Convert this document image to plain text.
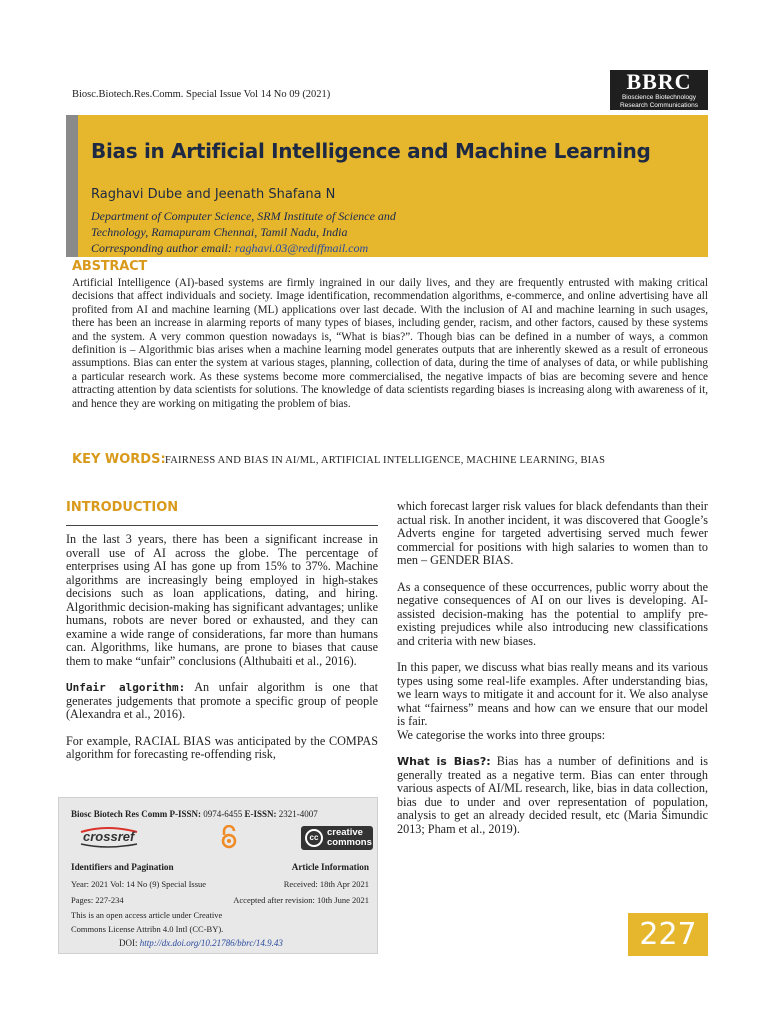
Biosc.Biotech.Res.Comm. Special Issue Vol 14 No 09 (2021)
BBRC
Bioscience Biotechnology
Research Communications
Bias in Artificial Intelligence and Machine Learning
Raghavi Dube and Jeenath Shafana N
Department of Computer Science, SRM Institute of Science and
Technology, Ramapuram Chennai, Tamil Nadu, India
Corresponding author email: raghavi.03@rediffmail.com
ABSTRACT
Artificial Intelligence (AI)-based systems are firmly ingrained in our daily lives, and they are frequently entrusted with making critical decisions that affect individuals and society. Image identification, recommendation algorithms, e-commerce, and online advertising have all profited from AI and machine learning (ML) applications over last decade. With the inclusion of AI and machine learning in such usages, there has been an increase in alarming reports of many types of biases, including gender, racism, and other factors, caused by these systems and the system. A very common question nowadays is, “What is bias?”. Though bias can be defined in a number of ways, a common definition is – Algorithmic bias arises when a machine learning model generates outputs that are inherently skewed as a result of erroneous assumptions. Bias can enter the system at various stages, planning, collection of data, during the time of analyses of data, or while publishing a particular research work. As these systems become more commercialised, the negative impacts of bias are becoming severe and hence attracting attention by data scientists for solutions. The knowledge of data scientists regarding biases is increasing along with awareness of it, and hence they are working on mitigating the problem of bias.
KEY WORDS: FAIRNESS AND BIAS IN AI/ML, ARTIFICIAL INTELLIGENCE, MACHINE LEARNING, BIAS
INTRODUCTION

In the last 3 years, there has been a significant increase in overall use of AI across the globe. The percentage of enterprises using AI has gone up from 15% to 37%. Machine algorithms are increasingly being employed in high-stakes decisions such as loan applications, dating, and hiring. Algorithmic decision-making has significant advantages; unlike humans, robots are never bored or exhausted, and they can examine a wide range of considerations, far more than humans can. Algorithms, like humans, are prone to biases that cause them to make “unfair” conclusions (Althubaiti et al., 2016).

Unfair algorithm: An unfair algorithm is one that generates judgements that promote a specific group of people (Alexandra et al., 2016).

For example, RACIAL BIAS was anticipated by the COMPAS algorithm for forecasting re-offending risk,

which forecast larger risk values for black defendants than their actual risk. In another incident, it was discovered that Google’s Adverts engine for targeted advertising served much fewer commercial for positions with high salaries to women than to men – GENDER BIAS.

As a consequence of these occurrences, public worry about the negative consequences of AI on our lives is developing. AI-assisted decision-making has the potential to amplify pre-existing prejudices while also introducing new classifications and criteria with new biases.

In this paper, we discuss what bias really means and its various types using some real-life examples. After understanding bias, we learn ways to mitigate it and account for it. We also analyse what “fairness” means and how can we ensure that our model is fair.

We categorise the works into three groups:

What is Bias?: Bias has a number of definitions and is generally treated as a negative term. Bias can enter through various aspects of AI/ML research, like, bias in data collection, bias due to under and over representation of population, analysis to get an already decided result, etc (Maria Šimundic 2013; Pham et al., 2019).

Biosc Biotech Res Comm P-ISSN: 0974-6455 E-ISSN: 2321-4007
crossref	cc creative
commons
Identifiers and Pagination	Article Information
Year: 2021 Vol: 14 No (9) Special Issue	Received: 18th Apr 2021
Pages: 227-234	Accepted after revision: 10th June 2021
This is an open access article under Creative
Commons License Attribn 4.0 Intl (CC-BY).
DOI: http://dx.doi.org/10.21786/bbrc/14.9.43	227
